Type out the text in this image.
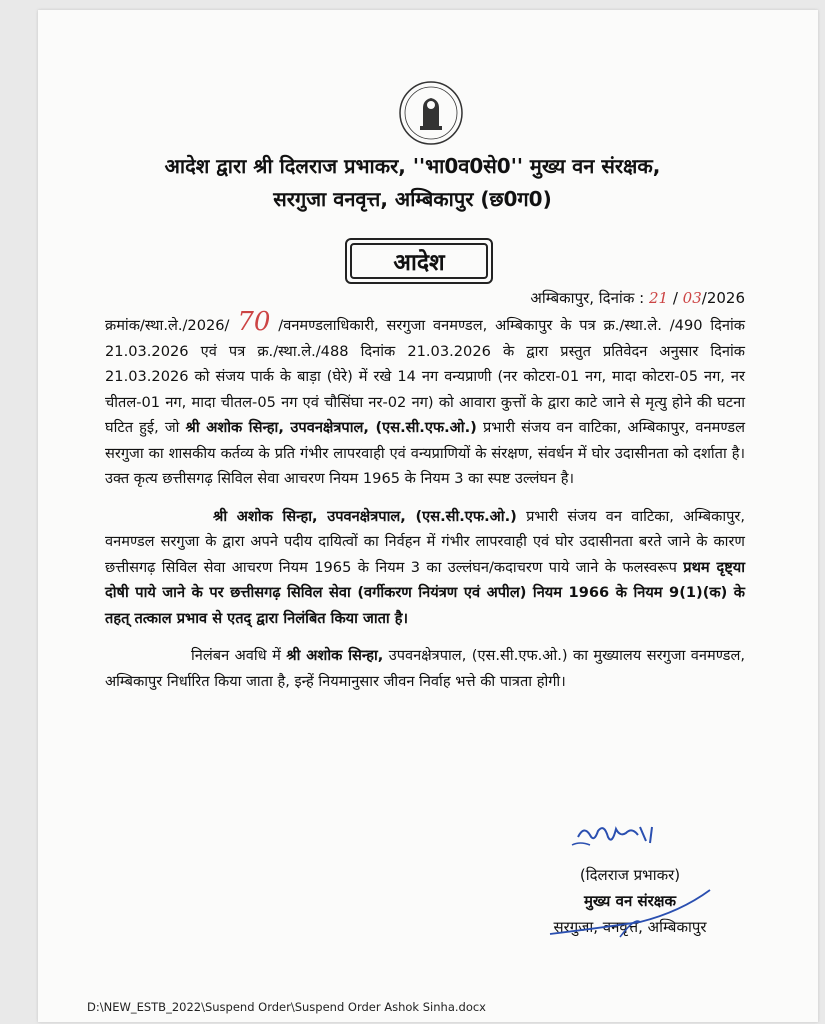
आदेश द्वारा श्री दिलराज प्रभाकर, ''भा0व0से0'' मुख्य वन संरक्षक,
सरगुजा वनवृत्त, अम्बिकापुर (छ0ग0)
आदेश
अम्बिकापुर, दिनांक : 21 / 03/2026

क्रमांक/स्था.ले./2026/ 70 /वनमण्डलाधिकारी, सरगुजा वनमण्डल, अम्बिकापुर के पत्र क्र./स्था.ले. /490 दिनांक 21.03.2026 एवं पत्र क्र./स्था.ले./488 दिनांक 21.03.2026 के द्वारा प्रस्तुत प्रतिवेदन अनुसार दिनांक 21.03.2026 को संजय पार्क के बाड़ा (घेरे) में रखे 14 नग वन्यप्राणी (नर कोटरा-01 नग, मादा कोटरा-05 नग, नर चीतल-01 नग, मादा चीतल-05 नग एवं चौसिंघा नर-02 नग) को आवारा कुत्तों के द्वारा काटे जाने से मृत्यु होने की घटना घटित हुई, जो श्री अशोक सिन्हा, उपवनक्षेत्रपाल, (एस.सी.एफ.ओ.) प्रभारी संजय वन वाटिका, अम्बिकापुर, वनमण्डल सरगुजा का शासकीय कर्तव्य के प्रति गंभीर लापरवाही एवं वन्यप्राणियों के संरक्षण, संवर्धन में घोर उदासीनता को दर्शाता है। उक्त कृत्य छत्तीसगढ़ सिविल सेवा आचरण नियम 1965 के नियम 3 का स्पष्ट उल्लंघन है।

श्री अशोक सिन्हा, उपवनक्षेत्रपाल, (एस.सी.एफ.ओ.) प्रभारी संजय वन वाटिका, अम्बिकापुर, वनमण्डल सरगुजा के द्वारा अपने पदीय दायित्वों का निर्वहन में गंभीर लापरवाही एवं घोर उदासीनता बरते जाने के कारण छत्तीसगढ़ सिविल सेवा आचरण नियम 1965 के नियम 3 का उल्लंघन/कदाचरण पाये जाने के फलस्वरूप प्रथम दृष्ट्या दोषी पाये जाने के पर छत्तीसगढ़ सिविल सेवा (वर्गीकरण नियंत्रण एवं अपील) नियम 1966 के नियम 9(1)(क) के तहत् तत्काल प्रभाव से एतद् द्वारा निलंबित किया जाता है।

निलंबन अवधि में श्री अशोक सिन्हा, उपवनक्षेत्रपाल, (एस.सी.एफ.ओ.) का मुख्यालय सरगुजा वनमण्डल, अम्बिकापुर निर्धारित किया जाता है, इन्हें नियमानुसार जीवन निर्वाह भत्ते की पात्रता होगी।

(दिलराज प्रभाकर)
मुख्य वन संरक्षक
सरगुजा, वनवृत्त, अम्बिकापुर
D:\NEW_ESTB_2022\Suspend Order\Suspend Order Ashok Sinha.docx
